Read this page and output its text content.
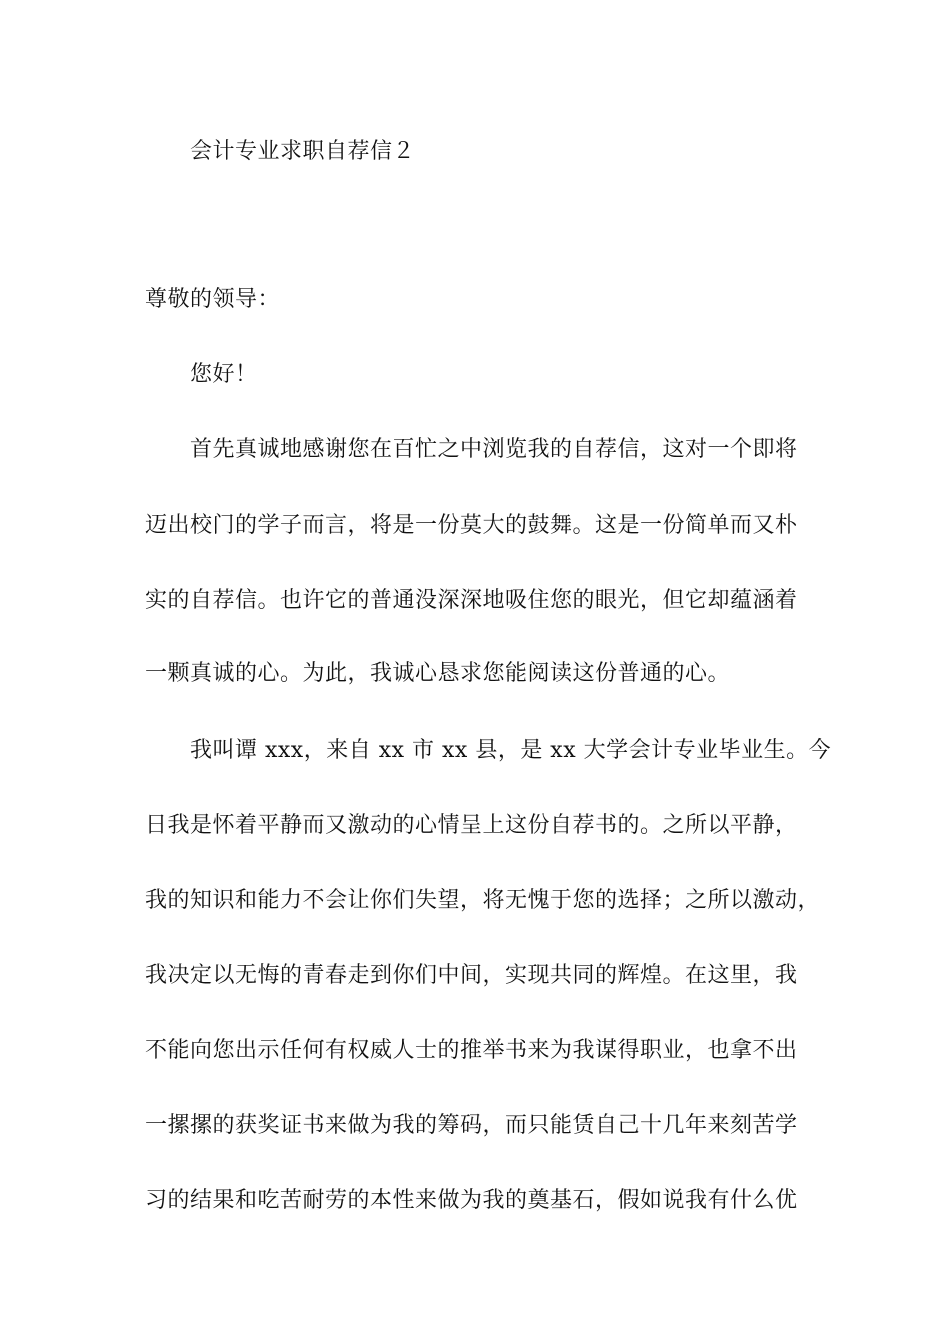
会计专业求职自荐信２
尊敬的领导：
您好！
首先真诚地感谢您在百忙之中浏览我的自荐信，这对一个即将
迈出校门的学子而言，将是一份莫大的鼓舞。这是一份简单而又朴
实的自荐信。也许它的普通没深深地吸住您的眼光，但它却蕴涵着
一颗真诚的心。为此，我诚心恳求您能阅读这份普通的心。
我叫谭 xxx，来自 xx 市 xx 县，是 xx 大学会计专业毕业生。今
日我是怀着平静而又激动的心情呈上这份自荐书的。之所以平静，
我的知识和能力不会让你们失望，将无愧于您的选择；之所以激动，
我决定以无悔的青春走到你们中间，实现共同的辉煌。在这里，我
不能向您出示任何有权威人士的推举书来为我谋得职业，也拿不出
一摞摞的获奖证书来做为我的筹码，而只能赁自己十几年来刻苦学
习的结果和吃苦耐劳的本性来做为我的奠基石，假如说我有什么优
